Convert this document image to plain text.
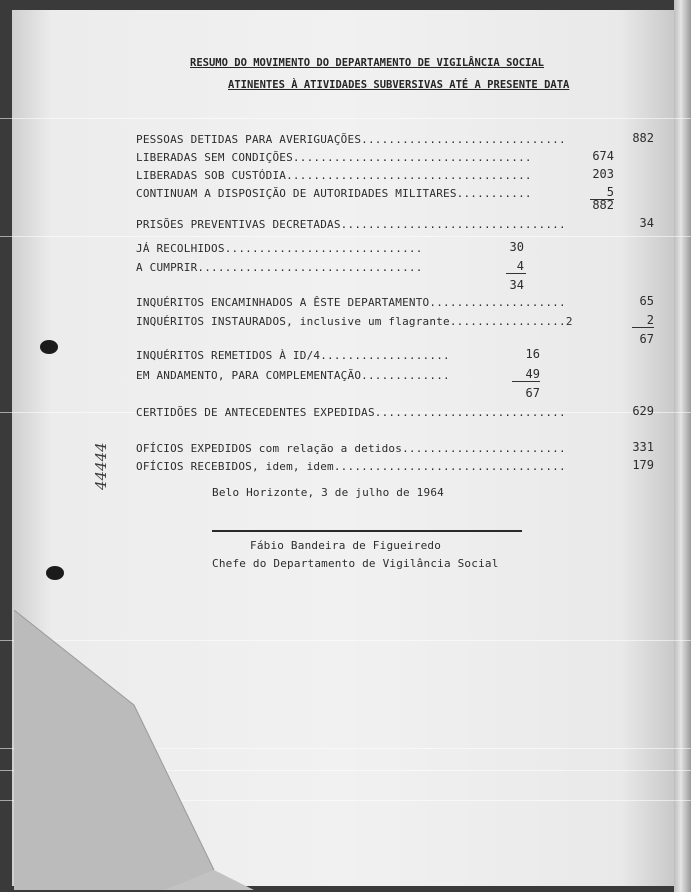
RESUMO DO MOVIMENTO DO DEPARTAMENTO DE VIGILÂNCIA SOCIAL
ATINENTES À ATIVIDADES SUBVERSIVAS ATÉ A PRESENTE DATA
PESSOAS DETIDAS PARA AVERIGUAÇÕES..............................	882
LIBERADAS SEM CONDIÇÕES...................................	674
LIBERADAS SOB CUSTÓDIA....................................	203
CONTINUAM A DISPOSIÇÃO DE AUTORIDADES MILITARES...........	5
882
PRISÕES PREVENTIVAS DECRETADAS.................................	34
JÁ RECOLHIDOS.............................	30
A CUMPRIR.................................	4
34
INQUÉRITOS ENCAMINHADOS A ÊSTE DEPARTAMENTO....................	65
INQUÉRITOS INSTAURADOS, inclusive um flagrante.................2	2
67
INQUÉRITOS REMETIDOS À ID/4...................	16
EM ANDAMENTO, PARA COMPLEMENTAÇÃO.............	49
67
CERTIDÕES DE ANTECEDENTES EXPEDIDAS............................	629
OFÍCIOS EXPEDIDOS com relação a detidos........................	331
OFÍCIOS RECEBIDOS, idem, idem..................................	179
Belo Horizonte, 3 de julho de 1964
Fábio Bandeira de Figueiredo
Chefe do Departamento de Vigilância Social
44444
